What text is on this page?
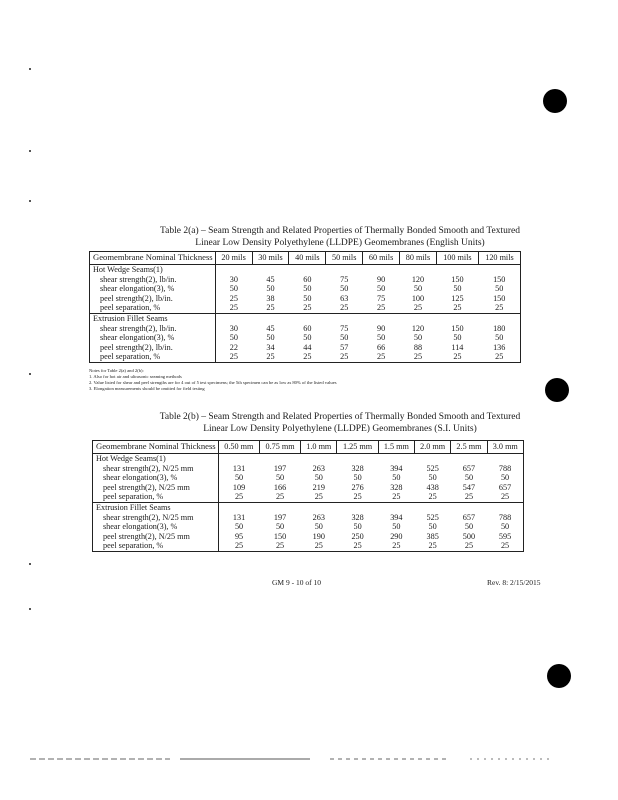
Table 2(a) – Seam Strength and Related Properties of Thermally Bonded Smooth and Textured
Linear Low Density Polyethylene (LLDPE) Geomembranes (English Units)
Geomembrane Nominal Thickness	20 mils	30 mils	40 mils	50 mils	60 mils	80 mils	100 mils	120 mils
Hot Wedge Seams(1)								
shear strength(2), lb/in.	30	45	60	75	90	120	150	150
shear elongation(3), %	50	50	50	50	50	50	50	50
peel strength(2), lb/in.	25	38	50	63	75	100	125	150
peel separation, %	25	25	25	25	25	25	25	25
Extrusion Fillet Seams								
shear strength(2), lb/in.	30	45	60	75	90	120	150	180
shear elongation(3), %	50	50	50	50	50	50	50	50
peel strength(2), lb/in.	22	34	44	57	66	88	114	136
peel separation, %	25	25	25	25	25	25	25	25
Notes for Table 2(a) and 2(b):
1. Also for hot air and ultrasonic seaming methods
2. Value listed for shear and peel strengths are for 4 out of 5 test specimens; the 5th specimen can be as low as 80% of the listed values
3. Elongation measurements should be omitted for field testing
Table 2(b) – Seam Strength and Related Properties of Thermally Bonded Smooth and Textured
Linear Low Density Polyethylene (LLDPE) Geomembranes (S.I. Units)
Geomembrane Nominal Thickness	0.50 mm	0.75 mm	1.0 mm	1.25 mm	1.5 mm	2.0 mm	2.5 mm	3.0 mm
Hot Wedge Seams(1)								
shear strength(2), N/25 mm	131	197	263	328	394	525	657	788
shear elongation(3), %	50	50	50	50	50	50	50	50
peel strength(2), N/25 mm	109	166	219	276	328	438	547	657
peel separation, %	25	25	25	25	25	25	25	25
Extrusion Fillet Seams								
shear strength(2), N/25 mm	131	197	263	328	394	525	657	788
shear elongation(3), %	50	50	50	50	50	50	50	50
peel strength(2), N/25 mm	95	150	190	250	290	385	500	595
peel separation, %	25	25	25	25	25	25	25	25
GM 9 - 10 of 10	Rev. 8: 2/15/2015
